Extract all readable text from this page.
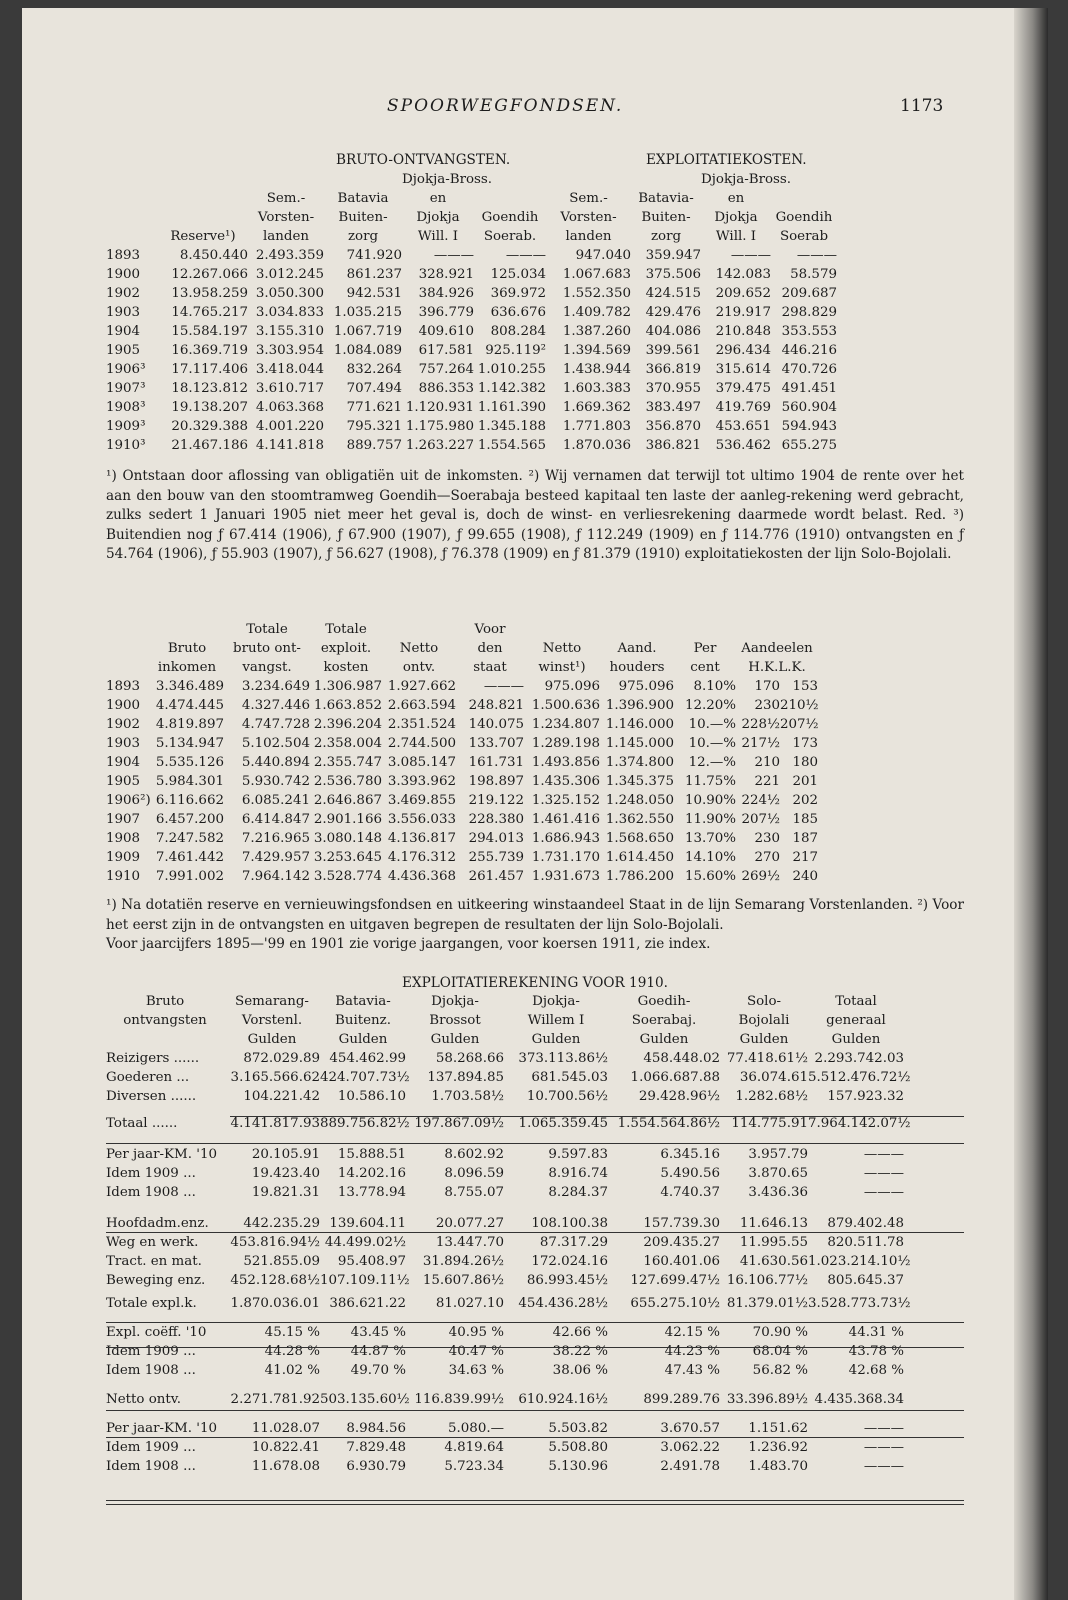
SPOORWEGFONDSEN.	1173
BRUTO-ONTVANGSTEN.	EXPLOITATIEKOSTEN.
Djokja-Bross.	Djokja-Bross.
Sem.-	Batavia	en	Sem.-	Batavia-	en
Vorsten-	Buiten-	Djokja	Goendih	Vorsten-	Buiten-	Djokja	Goendih
Reserve¹)	landen	zorg	Will. I	Soerab.	landen	zorg	Will. I	Soerab
1893	8.450.440 2.493.359	741.920	———	———	947.040	359.947	———	———
1900	12.267.066 3.012.245	861.237	328.921	125.034	1.067.683	375.506	142.083	58.579
1902	13.958.259 3.050.300	942.531	384.926	369.972	1.552.350	424.515	209.652 209.687
1903	14.765.217 3.034.833 1.035.215	396.779	636.676	1.409.782	429.476	219.917 298.829
1904	15.584.197 3.155.310 1.067.719	409.610	808.284	1.387.260	404.086	210.848 353.553
1905	16.369.719 3.303.954 1.084.089	617.581 925.119²	1.394.569	399.561	296.434 446.216
1906³	17.117.406 3.418.044	832.264	757.264 1.010.255	1.438.944	366.819	315.614 470.726
1907³	18.123.812 3.610.717	707.494	886.353 1.142.382	1.603.383	370.955	379.475 491.451
1908³	19.138.207 4.063.368	771.621 1.120.931 1.161.390	1.669.362	383.497	419.769 560.904
1909³	20.329.388 4.001.220	795.321 1.175.980 1.345.188	1.771.803	356.870	453.651 594.943
1910³	21.467.186 4.141.818	889.757 1.263.227 1.554.565	1.870.036	386.821	536.462 655.275

¹) Ontstaan door aflossing van obligatiën uit de inkomsten. ²) Wij vernamen dat terwijl tot ultimo 1904 de rente over het aan den bouw van den stoomtramweg Goendih—Soerabaja besteed kapitaal ten laste der aanleg-rekening werd gebracht, zulks sedert 1 Januari 1905 niet meer het geval is, doch de winst- en verliesrekening daarmede wordt belast. Red. ³) Buitendien nog ƒ 67.414 (1906), ƒ 67.900 (1907), ƒ 99.655 (1908), ƒ 112.249 (1909) en ƒ 114.776 (1910) ontvangsten en ƒ 54.764 (1906), ƒ 55.903 (1907), ƒ 56.627 (1908), ƒ 76.378 (1909) en ƒ 81.379 (1910) exploitatiekosten der lijn Solo-Bojolali.

Totale	Totale	Voor
Bruto	bruto ont-	exploit.	Netto	den	Netto	Aand.	Per	Aandeelen
inkomen	vangst.	kosten	ontv.	staat	winst¹)	houders	cent	H.K.L.K.
1893	3.346.489	3.234.649 1.306.987 1.927.662	———	975.096	975.096	8.10%	170 153
1900	4.474.445	4.327.446 1.663.852 2.663.594 248.821 1.500.636 1.396.900 12.20%	230 210½
1902	4.819.897	4.747.728 2.396.204 2.351.524 140.075 1.234.807 1.146.000	10.—% 228½ 207½
1903	5.134.947	5.102.504 2.358.004 2.744.500 133.707 1.289.198 1.145.000	10.—% 217½ 173
1904	5.535.126	5.440.894 2.355.747 3.085.147 161.731 1.493.856 1.374.800	12.—%	210 180
1905	5.984.301	5.930.742 2.536.780 3.393.962 198.897 1.435.306 1.345.375 11.75%	221 201
1906²) 6.116.662	6.085.241 2.646.867 3.469.855 219.122 1.325.152 1.248.050 10.90% 224½ 202
1907	6.457.200	6.414.847 2.901.166 3.556.033 228.380 1.461.416 1.362.550 11.90% 207½ 185
1908	7.247.582	7.216.965 3.080.148 4.136.817 294.013 1.686.943 1.568.650 13.70%	230 187
1909	7.461.442	7.429.957 3.253.645 4.176.312 255.739 1.731.170 1.614.450 14.10%	270 217
1910	7.991.002	7.964.142 3.528.774 4.436.368 261.457 1.931.673 1.786.200 15.60% 269½ 240

¹) Na dotatiën reserve en vernieuwingsfondsen en uitkeering winstaandeel Staat in de lijn Semarang Vorstenlanden. ²) Voor het eerst zijn in de ontvangsten en uitgaven begrepen de resultaten der lijn Solo-Bojolali.

Voor jaarcijfers 1895—'99 en 1901 zie vorige jaargangen, voor koersen 1911, zie index.

EXPLOITATIEREKENING VOOR 1910.
Bruto	Semarang-	Batavia-	Djokja-	Djokja-	Goedih-	Solo-	Totaal
ontvangsten	Vorstenl.	Buitenz.	Brossot	Willem I	Soerabaj.	Bojolali	generaal
Gulden	Gulden	Gulden	Gulden	Gulden	Gulden	Gulden
Reizigers ......	872.029.89 454.462.99	58.268.66	373.113.86½	458.448.02 77.418.61½ 2.293.742.03
Goederen ...	3.165.566.62 424.707.73½	137.894.85	681.545.03	1.066.687.88	36.074.61 5.512.476.72½
Diversen ......	104.221.42	10.586.10	1.703.58½	10.700.56½	29.428.96½	1.282.68½	157.923.32
Totaal ......	4.141.817.93 889.756.82½ 197.867.09½	1.065.359.45 1.554.564.86½ 114.775.91 7.964.142.07½
Per jaar-KM. '10	20.105.91	15.888.51	8.602.92	9.597.83	6.345.16	3.957.79	———
Idem 1909 ...	19.423.40	14.202.16	8.096.59	8.916.74	5.490.56	3.870.65	———
Idem 1908 ...	19.821.31	13.778.94	8.755.07	8.284.37	4.740.37	3.436.36	———
Hoofdadm.enz.	442.235.29 139.604.11	20.077.27	108.100.38	157.739.30	11.646.13	879.402.48
Weg en werk.	453.816.94½ 44.499.02½	13.447.70	87.317.29	209.435.27	11.995.55	820.511.78
Tract. en mat.	521.855.09	95.408.97	31.894.26½	172.024.16	160.401.06	41.630.56 1.023.214.10½
Beweging enz.	452.128.68½ 107.109.11½ 15.607.86½	86.993.45½	127.699.47½ 16.106.77½	805.645.37
Totale expl.k.	1.870.036.01 386.621.22	81.027.10	454.436.28½	655.275.10½ 81.379.01½ 3.528.773.73½
Expl. coëff. '10	45.15 %	43.45 %	40.95 %	42.66 %	42.15 %	70.90 %	44.31 %
Idem 1909 ...	44.28 %	44.87 %	40.47 %	38.22 %	44.23 %	68.04 %	43.78 %
Idem 1908 ...	41.02 %	49.70 %	34.63 %	38.06 %	47.43 %	56.82 %	42.68 %
Netto ontv.	2.271.781.92 503.135.60½ 116.839.99½	610.924.16½	899.289.76 33.396.89½ 4.435.368.34
Per jaar-KM. '10	11.028.07	8.984.56	5.080.—	5.503.82	3.670.57	1.151.62	———
Idem 1909 ...	10.822.41	7.829.48	4.819.64	5.508.80	3.062.22	1.236.92	———
Idem 1908 ...	11.678.08	6.930.79	5.723.34	5.130.96	2.491.78	1.483.70	———
